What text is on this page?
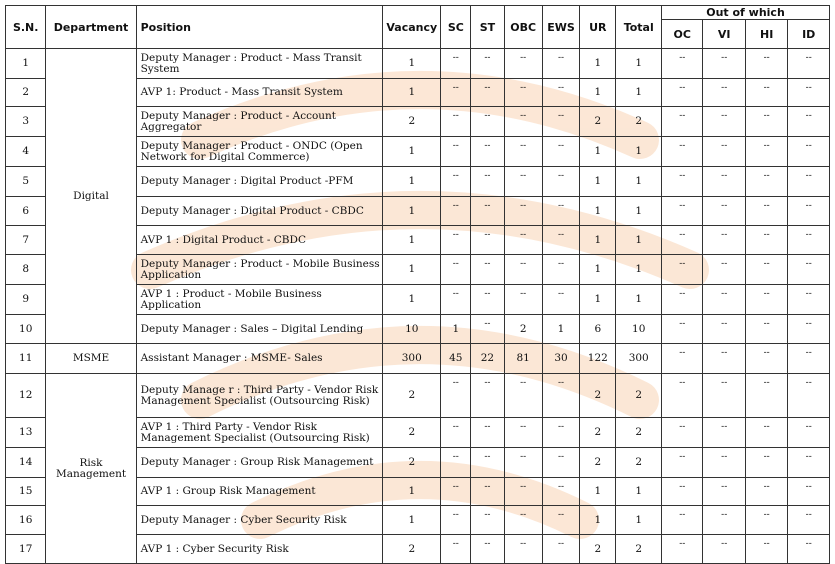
S.N.	Department	Position	Vacancy	SC	ST	OBC	EWS	UR	Total	Out of which			
										OC	VI	HI	ID
1	Digital	Deputy Manager : Product - Mass Transit System	1	--	--	--	--	1	1	--	--	--	--
2		AVP 1: Product - Mass Transit System	1	--	--	--	--	1	1	--	--	--	--
3		Deputy Manager : Product - Account Aggregator	2	--	--	--	--	2	2	--	--	--	--
4		Deputy Manager : Product - ONDC (Open Network for Digital Commerce)	1	--	--	--	--	1	1	--	--	--	--
5		Deputy Manager : Digital Product -PFM	1	--	--	--	--	1	1	--	--	--	--
6		Deputy Manager : Digital Product - CBDC	1	--	--	--	--	1	1	--	--	--	--
7		AVP 1 : Digital Product - CBDC	1	--	--	--	--	1	1	--	--	--	--
8		Deputy Manager : Product - Mobile Business Application	1	--	--	--	--	1	1	--	--	--	--
9		AVP 1 : Product - Mobile Business Application	1	--	--	--	--	1	1	--	--	--	--
10		Deputy Manager : Sales – Digital Lending	10	1	--	2	1	6	10	--	--	--	--
11	MSME	Assistant Manager : MSME- Sales	300	45	22	81	30	122	300	--	--	--	--
12	Risk Management	Deputy Manage r : Third Party - Vendor Risk Management Specialist (Outsourcing Risk)	2	--	--	--	--	2	2	--	--	--	--
13		AVP 1 : Third Party - Vendor Risk Management Specialist (Outsourcing Risk)	2	--	--	--	--	2	2	--	--	--	--
14		Deputy Manager : Group Risk Management	2	--	--	--	--	2	2	--	--	--	--
15		AVP 1 : Group Risk Management	1	--	--	--	--	1	1	--	--	--	--
16		Deputy Manager : Cyber Security Risk	1	--	--	--	--	1	1	--	--	--	--
17		AVP 1 : Cyber Security Risk	2	--	--	--	--	2	2	--	--	--	--
